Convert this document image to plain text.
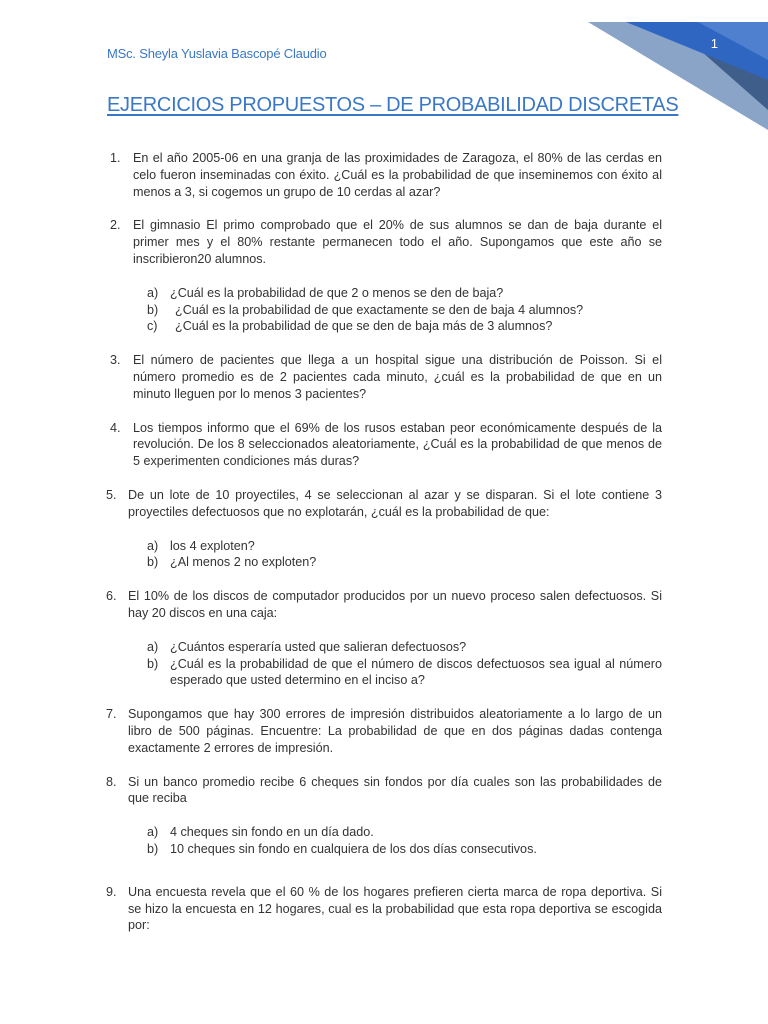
1
MSc. Sheyla Yuslavia Bascopé Claudio
EJERCICIOS PROPUESTOS – DE PROBABILIDAD DISCRETAS
1. En el año 2005-06 en una granja de las proximidades de Zaragoza, el 80% de las cerdas en celo fueron inseminadas con éxito. ¿Cuál es la probabilidad de que inseminemos con éxito al menos a 3, si cogemos un grupo de 10 cerdas al azar?
2. El gimnasio El primo comprobado que el 20% de sus alumnos se dan de baja durante el primer mes y el 80% restante permanecen todo el año. Supongamos que este año se inscribieron20 alumnos.
a) ¿Cuál es la probabilidad de que 2 o menos se den de baja?
b) ¿Cuál es la probabilidad de que exactamente se den de baja 4 alumnos?
c) ¿Cuál es la probabilidad de que se den de baja más de 3 alumnos?
3. El número de pacientes que llega a un hospital sigue una distribución de Poisson. Si el número promedio es de 2 pacientes cada minuto, ¿cuál es la probabilidad de que en un minuto lleguen por lo menos 3 pacientes?
4. Los tiempos informo que el 69% de los rusos estaban peor económicamente después de la revolución. De los 8 seleccionados aleatoriamente, ¿Cuál es la probabilidad de que menos de 5 experimenten condiciones más duras?
5. De un lote de 10 proyectiles, 4 se seleccionan al azar y se disparan. Si el lote contiene 3 proyectiles defectuosos que no explotarán, ¿cuál es la probabilidad de que:
a) los 4 exploten?
b) ¿Al menos 2 no exploten?
6. El 10% de los discos de computador producidos por un nuevo proceso salen defectuosos. Si hay 20 discos en una caja:
a) ¿Cuántos esperaría usted que salieran defectuosos?
b) ¿Cuál es la probabilidad de que el número de discos defectuosos sea igual al número esperado que usted determino en el inciso a?
7. Supongamos que hay 300 errores de impresión distribuidos aleatoriamente a lo largo de un libro de 500 páginas. Encuentre: La probabilidad de que en dos páginas dadas contenga exactamente 2 errores de impresión.
8. Si un banco promedio recibe 6 cheques sin fondos por día cuales son las probabilidades de que reciba
a) 4 cheques sin fondo en un día dado.
b) 10 cheques sin fondo en cualquiera de los dos días consecutivos.
9. Una encuesta revela que el 60 % de los hogares prefieren cierta marca de ropa deportiva. Si se hizo la encuesta en 12 hogares, cual es la probabilidad que esta ropa deportiva se escogida por:
